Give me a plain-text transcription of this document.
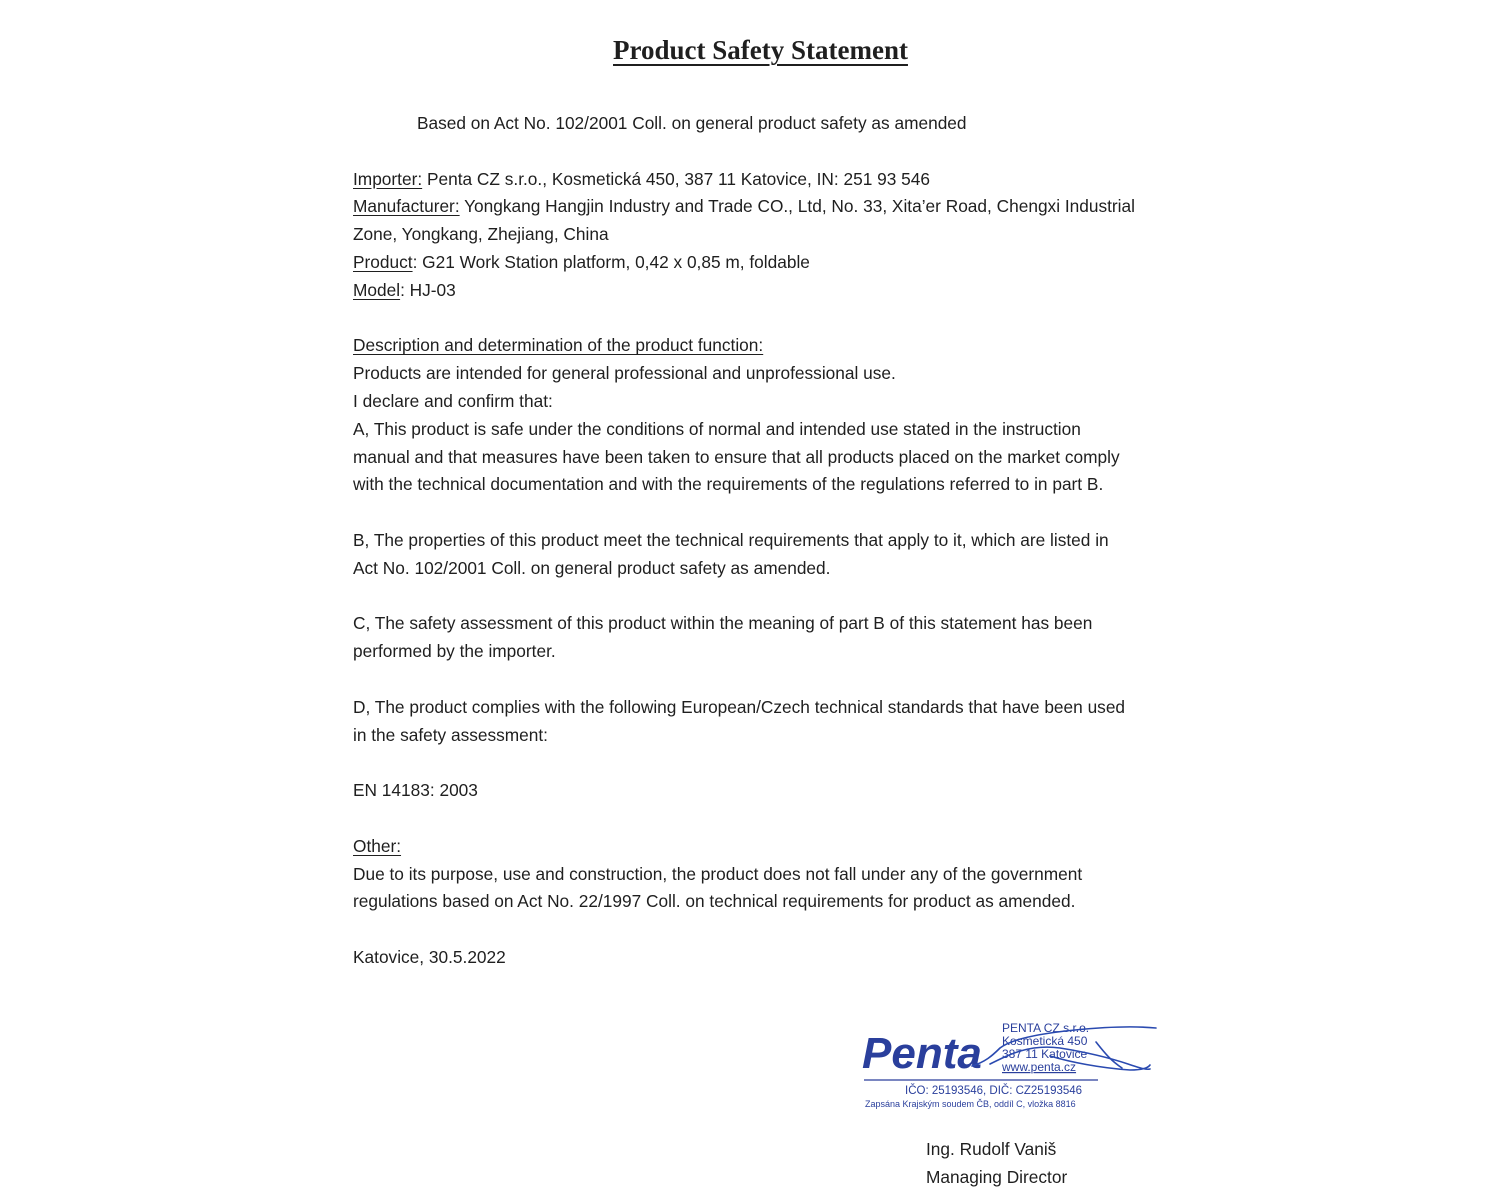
Product Safety Statement

Based on Act No. 102/2001 Coll. on general product safety as amended

Importer: Penta CZ s.r.o., Kosmetická 450, 387 11 Katovice, IN: 251 93 546

Manufacturer: Yongkang Hangjin Industry and Trade CO., Ltd, No. 33, Xita’er Road, Chengxi Industrial

Zone, Yongkang, Zhejiang, China

Product: G21 Work Station platform, 0,42 x 0,85 m, foldable

Model: HJ-03

Description and determination of the product function:

Products are intended for general professional and unprofessional use.

I declare and confirm that:

A, This product is safe under the conditions of normal and intended use stated in the instruction

manual and that measures have been taken to ensure that all products placed on the market comply

with the technical documentation and with the requirements of the regulations referred to in part B.

B, The properties of this product meet the technical requirements that apply to it, which are listed in

Act No. 102/2001 Coll. on general product safety as amended.

C, The safety assessment of this product within the meaning of part B of this statement has been

performed by the importer.

D, The product complies with the following European/Czech technical standards that have been used

in the safety assessment:

EN 14183: 2003

Other:

Due to its purpose, use and construction, the product does not fall under any of the government

regulations based on Act No. 22/1997 Coll. on technical requirements for product as amended.

Katovice, 30.5.2022

Penta
PENTA CZ s.r.o.
Kosmetická 450
387 11 Katovice
www.penta.cz
IČO: 25193546, DIČ: CZ25193546
Zapsána Krajským soudem ČB, oddíl C, vložka 8816

Ing. Rudolf Vaniš

Managing Director
